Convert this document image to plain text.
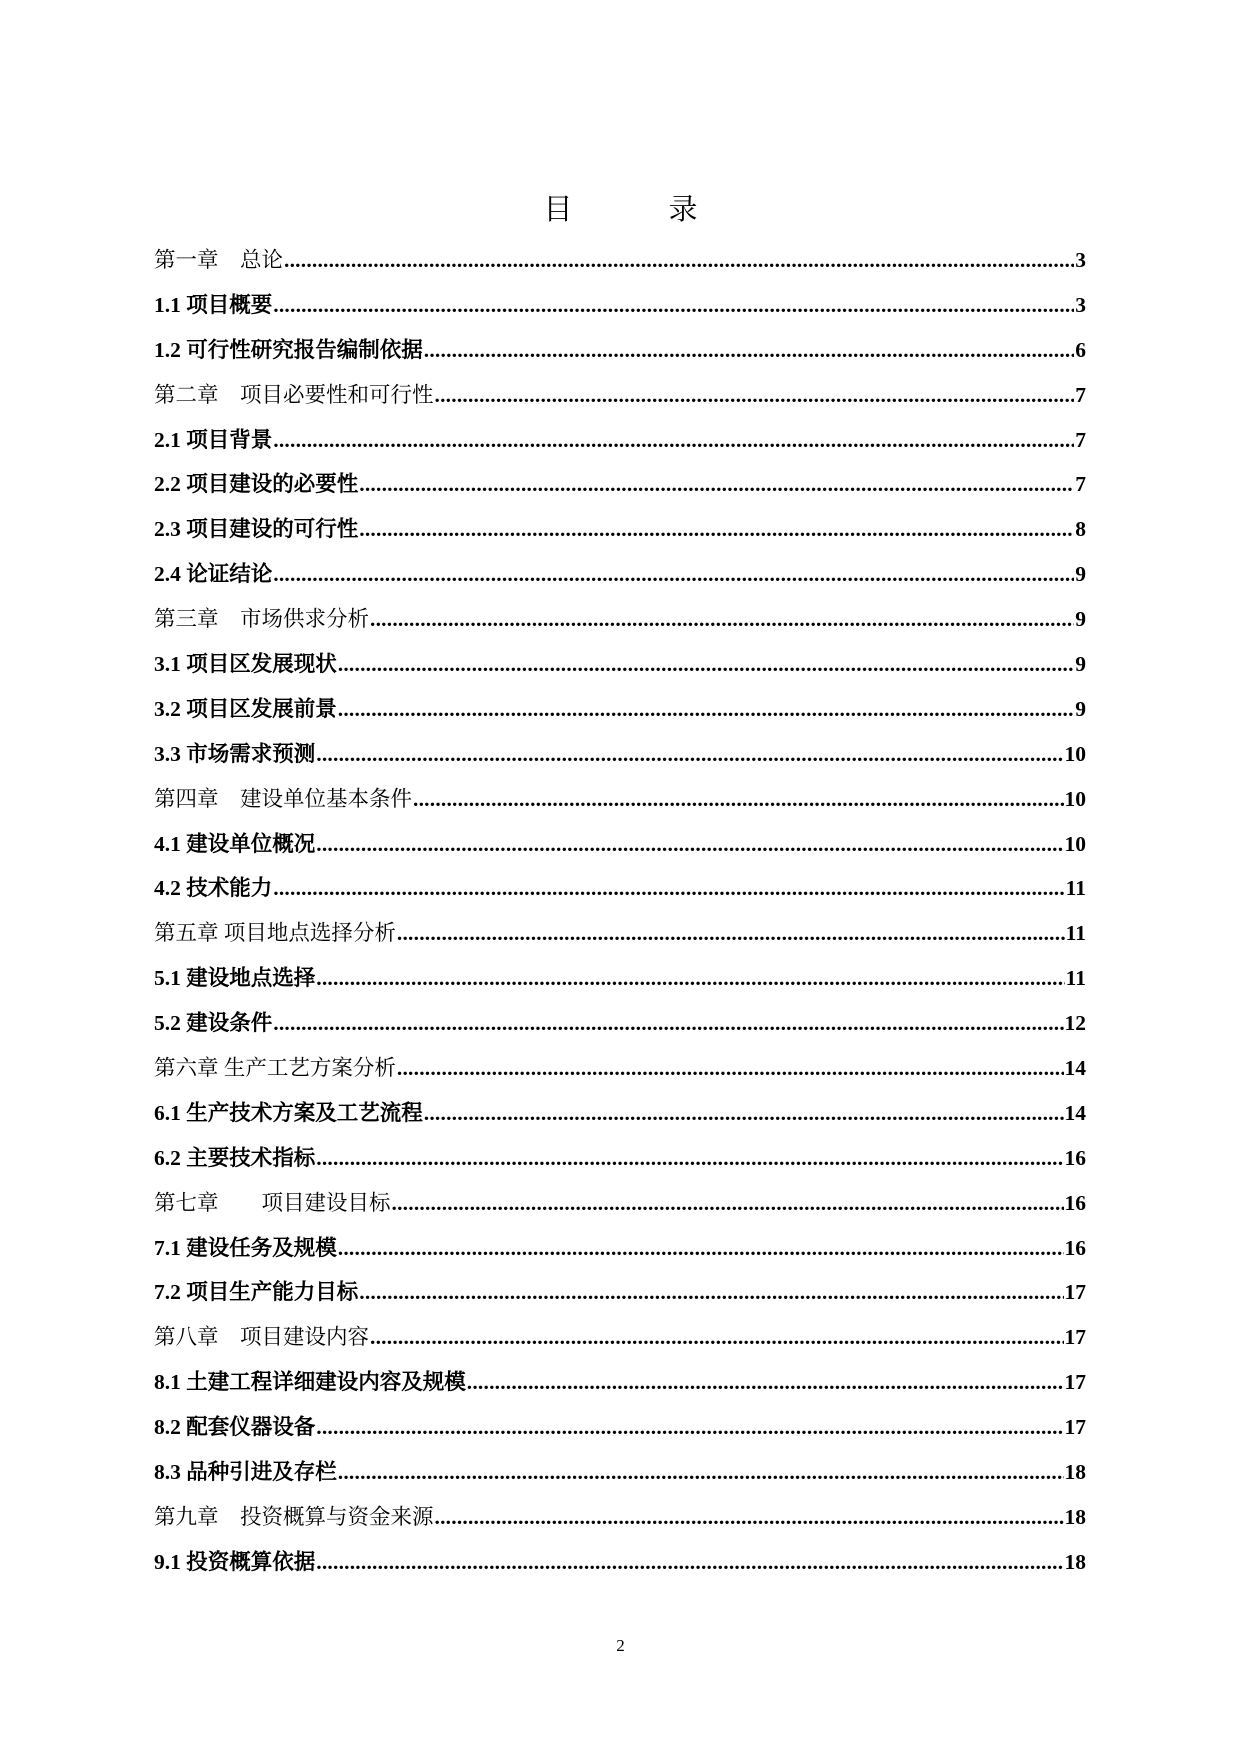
目	录
第一章　总论 .....	3
1.1 项目概要 .....	3
1.2 可行性研究报告编制依据 .....	6
第二章　项目必要性和可行性 .....	7
2.1 项目背景 .....	7
2.2 项目建设的必要性 .....	7
2.3 项目建设的可行性 .....	8
2.4 论证结论 .....	9
第三章　市场供求分析 .....	9
3.1 项目区发展现状 .....	9
3.2 项目区发展前景 .....	9
3.3 市场需求预测 .....	10
第四章　建设单位基本条件 .....	10
4.1 建设单位概况 .....	10
4.2 技术能力 .....	11
第五章 项目地点选择分析 .....	11
5.1 建设地点选择 .....	11
5.2 建设条件 .....	12
第六章 生产工艺方案分析 .....	14
6.1 生产技术方案及工艺流程 .....	14
6.2 主要技术指标 .....	16
第七章　　项目建设目标 .....	16
7.1 建设任务及规模 .....	16
7.2 项目生产能力目标 .....	17
第八章　项目建设内容 .....	17
8.1 土建工程详细建设内容及规模 .....	17
8.2 配套仪器设备 .....	17
8.3 品种引进及存栏 .....	18
第九章　投资概算与资金来源 .....	18
9.1 投资概算依据 .....	18
2
